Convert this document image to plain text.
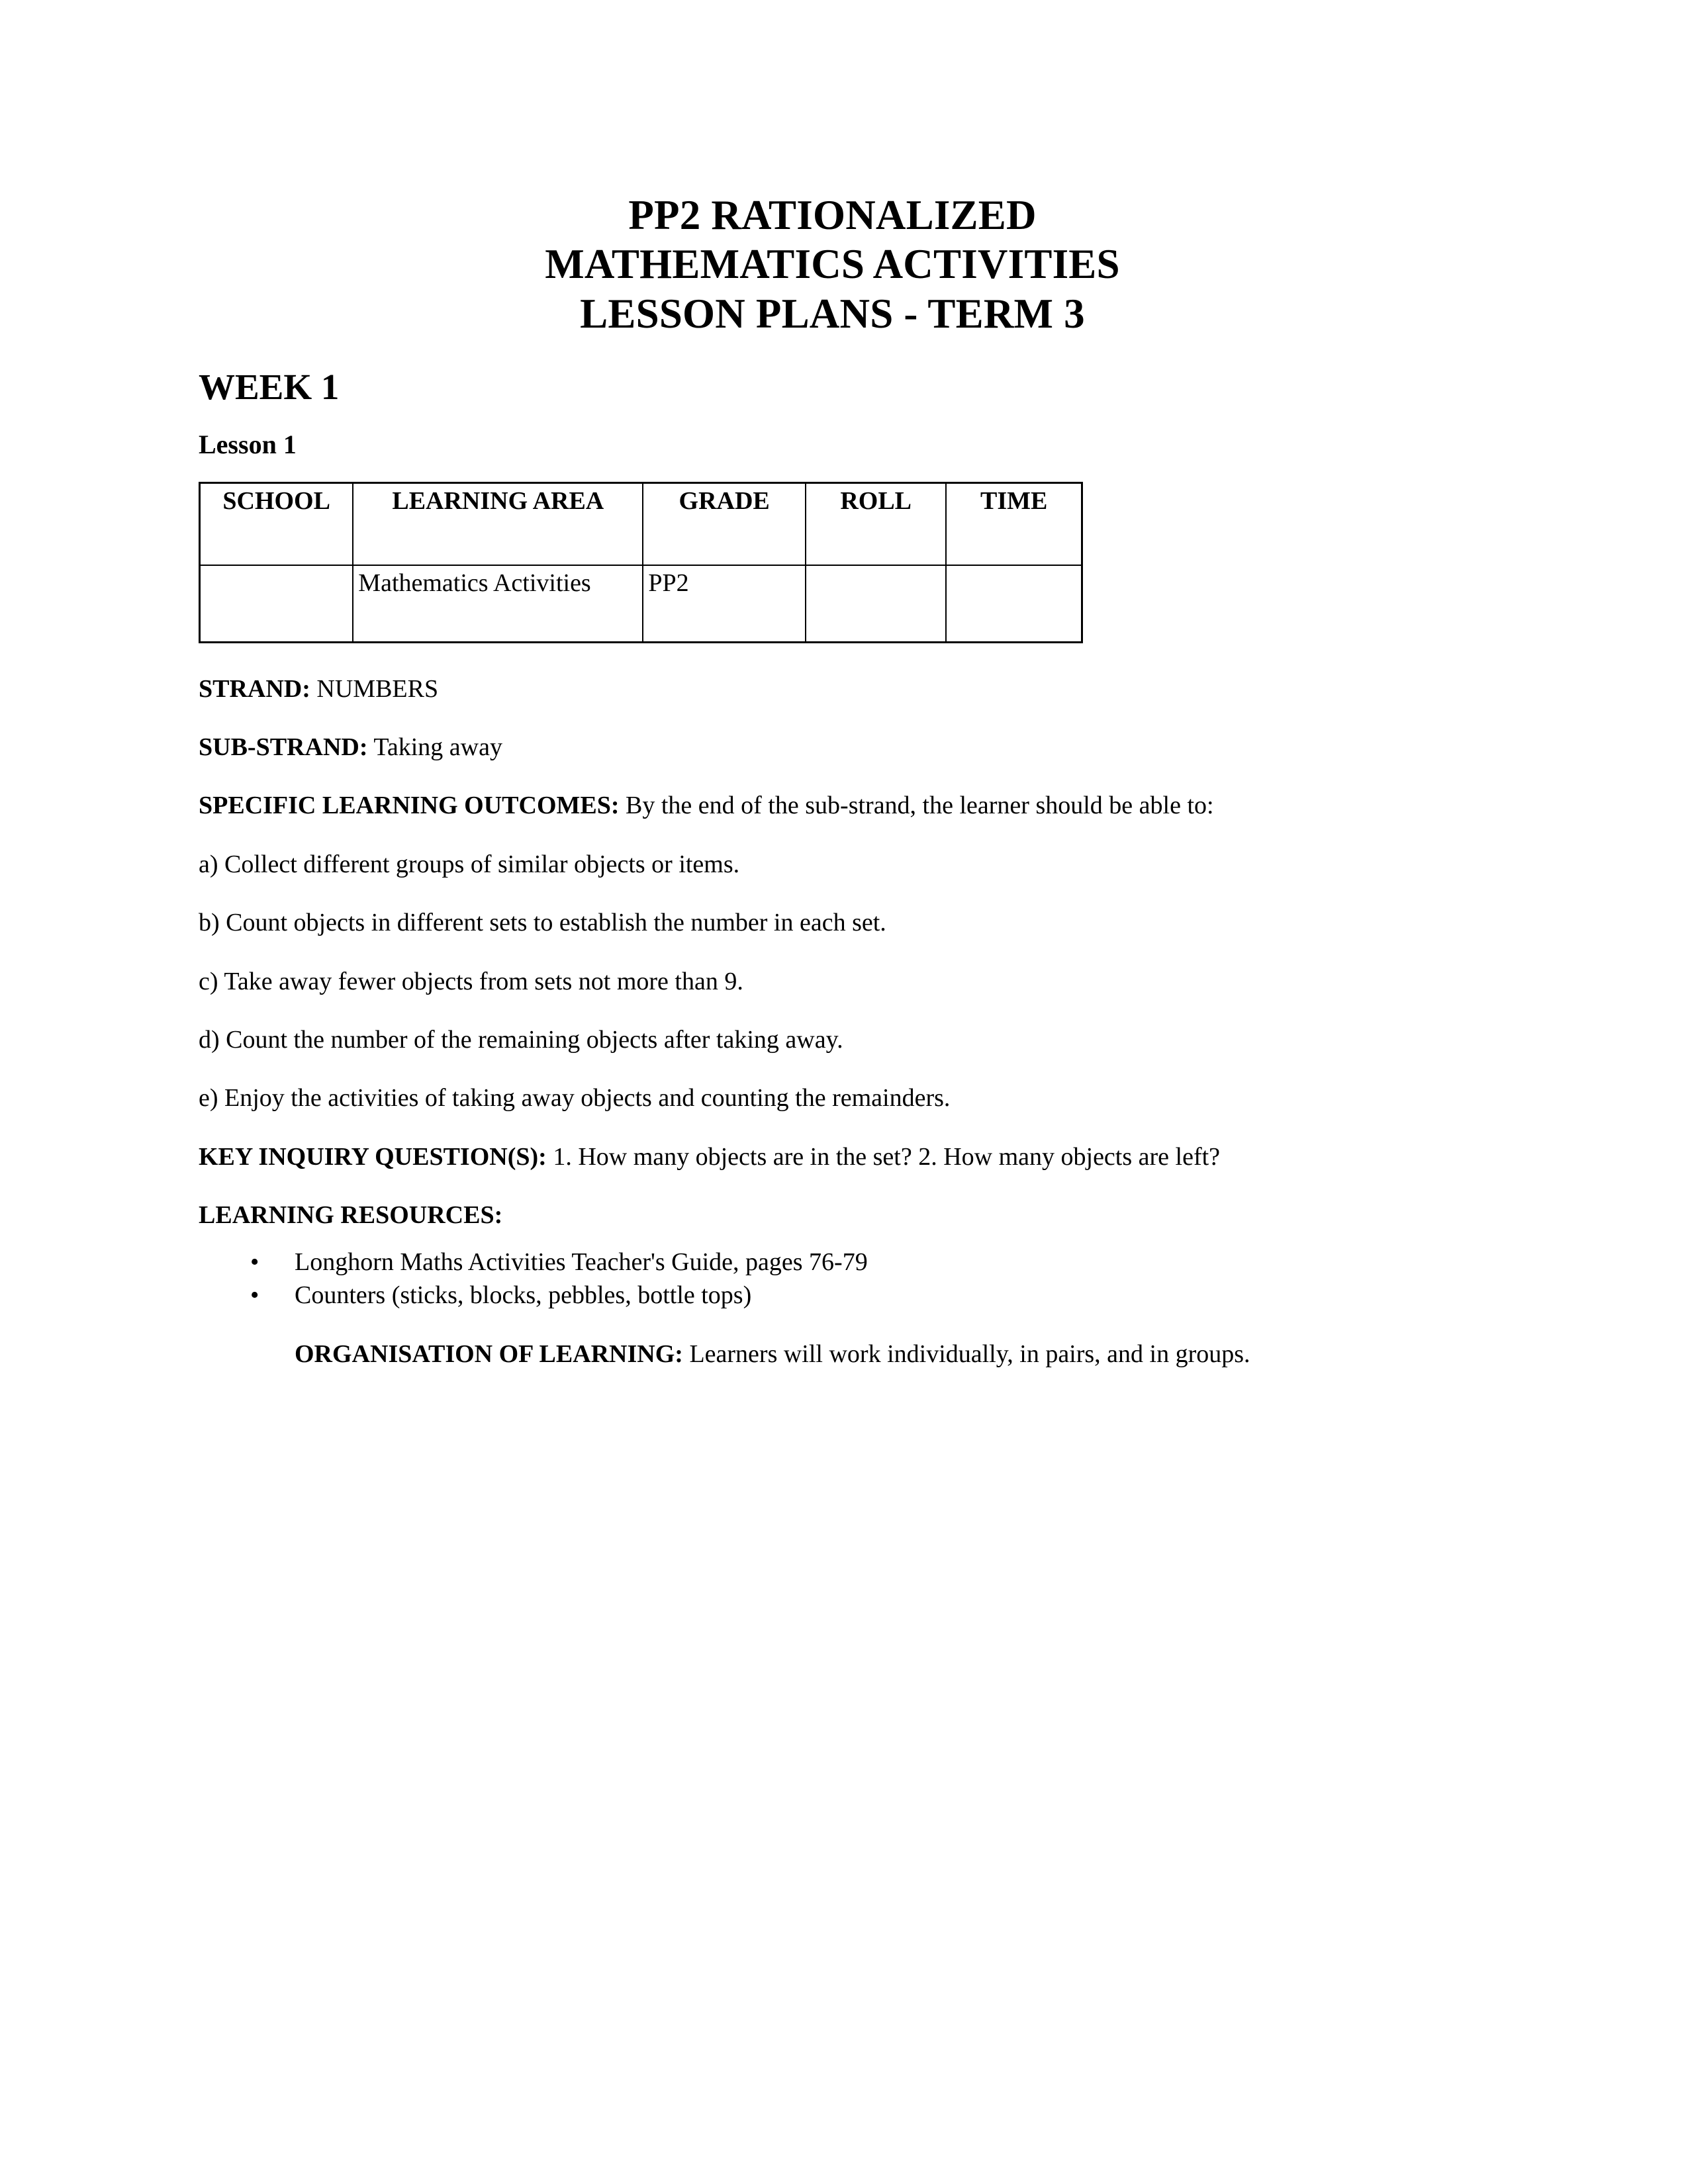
PP2 RATIONALIZED
MATHEMATICS ACTIVITIES
LESSON PLANS - TERM 3
WEEK 1
Lesson 1
SCHOOL	LEARNING AREA	GRADE	ROLL	TIME
	Mathematics Activities	PP2		

STRAND: NUMBERS

SUB-STRAND: Taking away

SPECIFIC LEARNING OUTCOMES: By the end of the sub-strand, the learner should be able to:

a) Collect different groups of similar objects or items.

b) Count objects in different sets to establish the number in each set.

c) Take away fewer objects from sets not more than 9.

d) Count the number of the remaining objects after taking away.

e) Enjoy the activities of taking away objects and counting the remainders.

KEY INQUIRY QUESTION(S): 1. How many objects are in the set? 2. How many objects are left?

LEARNING RESOURCES:

• Longhorn Maths Activities Teacher's Guide, pages 76-79
• Counters (sticks, blocks, pebbles, bottle tops)
ORGANISATION OF LEARNING: Learners will work individually, in pairs, and in groups.
